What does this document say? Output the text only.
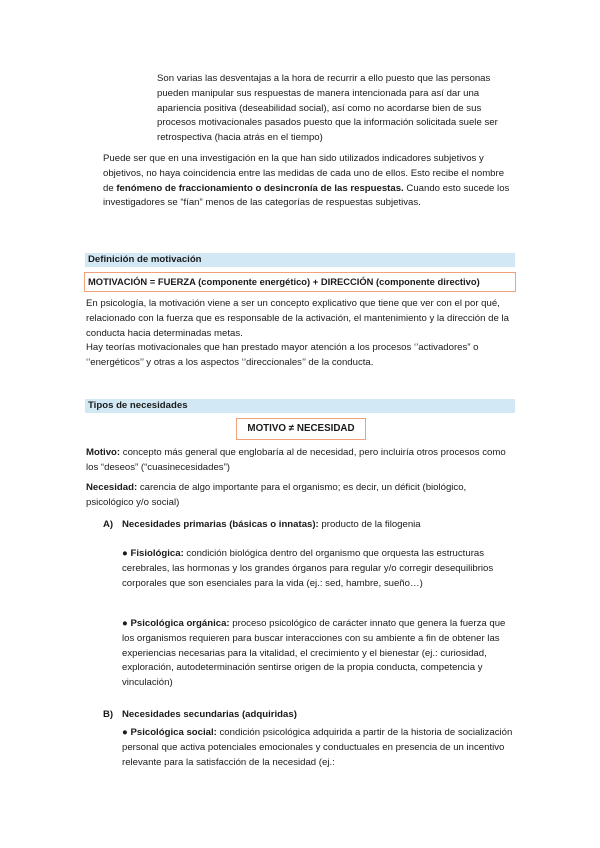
Son varias las desventajas a la hora de recurrir a ello puesto que las personas pueden manipular sus respuestas de manera intencionada para así dar una apariencia positiva (deseabilidad social), así como no acordarse bien de sus procesos motivacionales pasados puesto que la información solicitada suele ser retrospectiva (hacia atrás en el tiempo)

Puede ser que en una investigación en la que han sido utilizados indicadores subjetivos y objetivos, no haya coincidencia entre las medidas de cada uno de ellos. Esto recibe el nombre de fenómeno de fraccionamiento o desincronía de las respuestas. Cuando esto sucede los investigadores se “fían” menos de las categorías de respuestas subjetivas.

Definición de motivación
MOTIVACIÓN = FUERZA (componente energético) + DIRECCIÓN (componente directivo)
En psicología, la motivación viene a ser un concepto explicativo que tiene que ver con el por qué, relacionado con la fuerza que es responsable de la activación, el mantenimiento y la dirección de la conducta hacia determinadas metas.
Hay teorías motivacionales que han prestado mayor atención a los procesos ‘’activadores” o ‘’energéticos’’ y otras a los aspectos ‘’direccionales’’ de la conducta.
Tipos de necesidades
MOTIVO ≠ NECESIDAD

Motivo: concepto más general que englobaría al de necesidad, pero incluiría otros procesos como los “deseos” (“cuasinecesidades”)

Necesidad: carencia de algo importante para el organismo; es decir, un déficit (biológico, psicológico y/o social)

A) Necesidades primarias (básicas o innatas): producto de la filogenia

● Fisiológica: condición biológica dentro del organismo que orquesta las estructuras cerebrales, las hormonas y los grandes órganos para regular y/o corregir desequilibrios corporales que son esenciales para la vida (ej.: sed, hambre, sueño…)

● Psicológica orgánica: proceso psicológico de carácter innato que genera la fuerza que los organismos requieren para buscar interacciones con su ambiente a fin de obtener las experiencias necesarias para la vitalidad, el crecimiento y el bienestar (ej.: curiosidad, exploración, autodeterminación sentirse origen de la propia conducta, competencia y vinculación)

B) Necesidades secundarias (adquiridas)

● Psicológica social: condición psicológica adquirida a partir de la historia de socialización personal que activa potenciales emocionales y conductuales en presencia de un incentivo relevante para la satisfacción de la necesidad (ej.:
